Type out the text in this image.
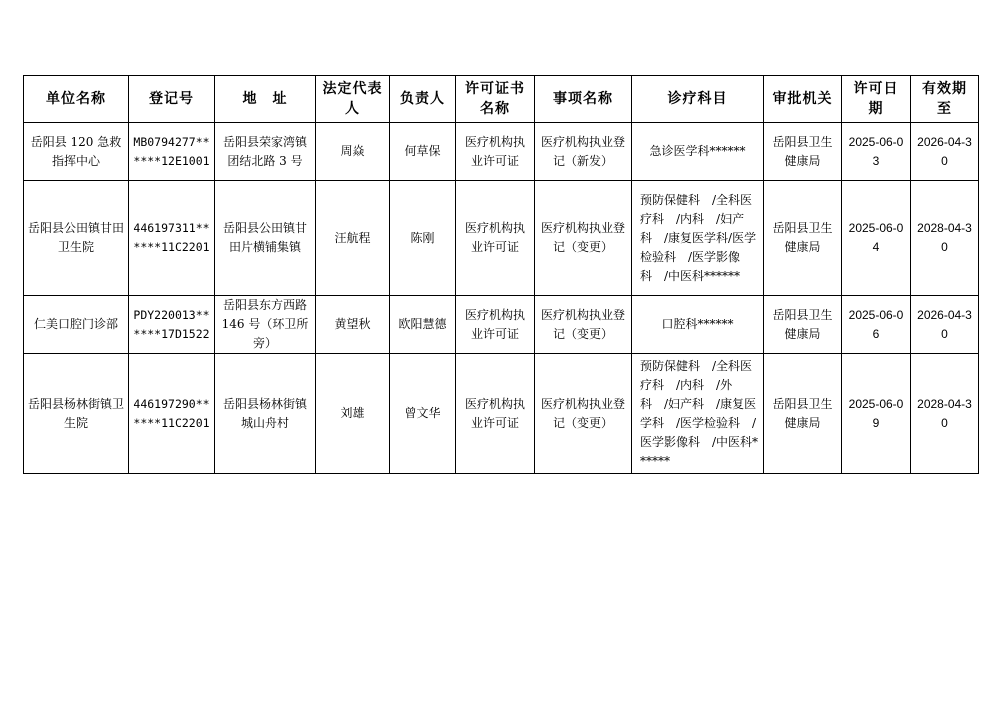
单位名称	登记号	地　址	法定代表人	负责人	许可证书名称	事项名称	诊疗科目	审批机关	许可日期	有效期至
岳阳县 120 急救指挥中心	MB0794277******12E1001	岳阳县荣家湾镇团结北路 3 号	周焱	何草保	医疗机构执业许可证	医疗机构执业登记（新发）	急诊医学科******	岳阳县卫生健康局	2025-06-03	2026-04-30
岳阳县公田镇甘田卫生院	446197311******11C2201	岳阳县公田镇甘田片横铺集镇	汪航程	陈刚	医疗机构执业许可证	医疗机构执业登记（变更）	预防保健科　/全科医疗科　/内科　/妇产科　/康复医学科/医学检验科　/医学影像科　/中医科******	岳阳县卫生健康局	2025-06-04	2028-04-30
仁美口腔门诊部	PDY220013******17D1522	岳阳县东方西路 146 号（环卫所旁）	黄望秋	欧阳慧德	医疗机构执业许可证	医疗机构执业登记（变更）	口腔科******	岳阳县卫生健康局	2025-06-06	2026-04-30
岳阳县杨林街镇卫生院	446197290******11C2201	岳阳县杨林街镇城山舟村	刘雄	曾文华	医疗机构执业许可证	医疗机构执业登记（变更）	预防保健科　/全科医疗科　/内科　/外科　/妇产科　/康复医学科　/医学检验科　/医学影像科　/中医科******	岳阳县卫生健康局	2025-06-09	2028-04-30
